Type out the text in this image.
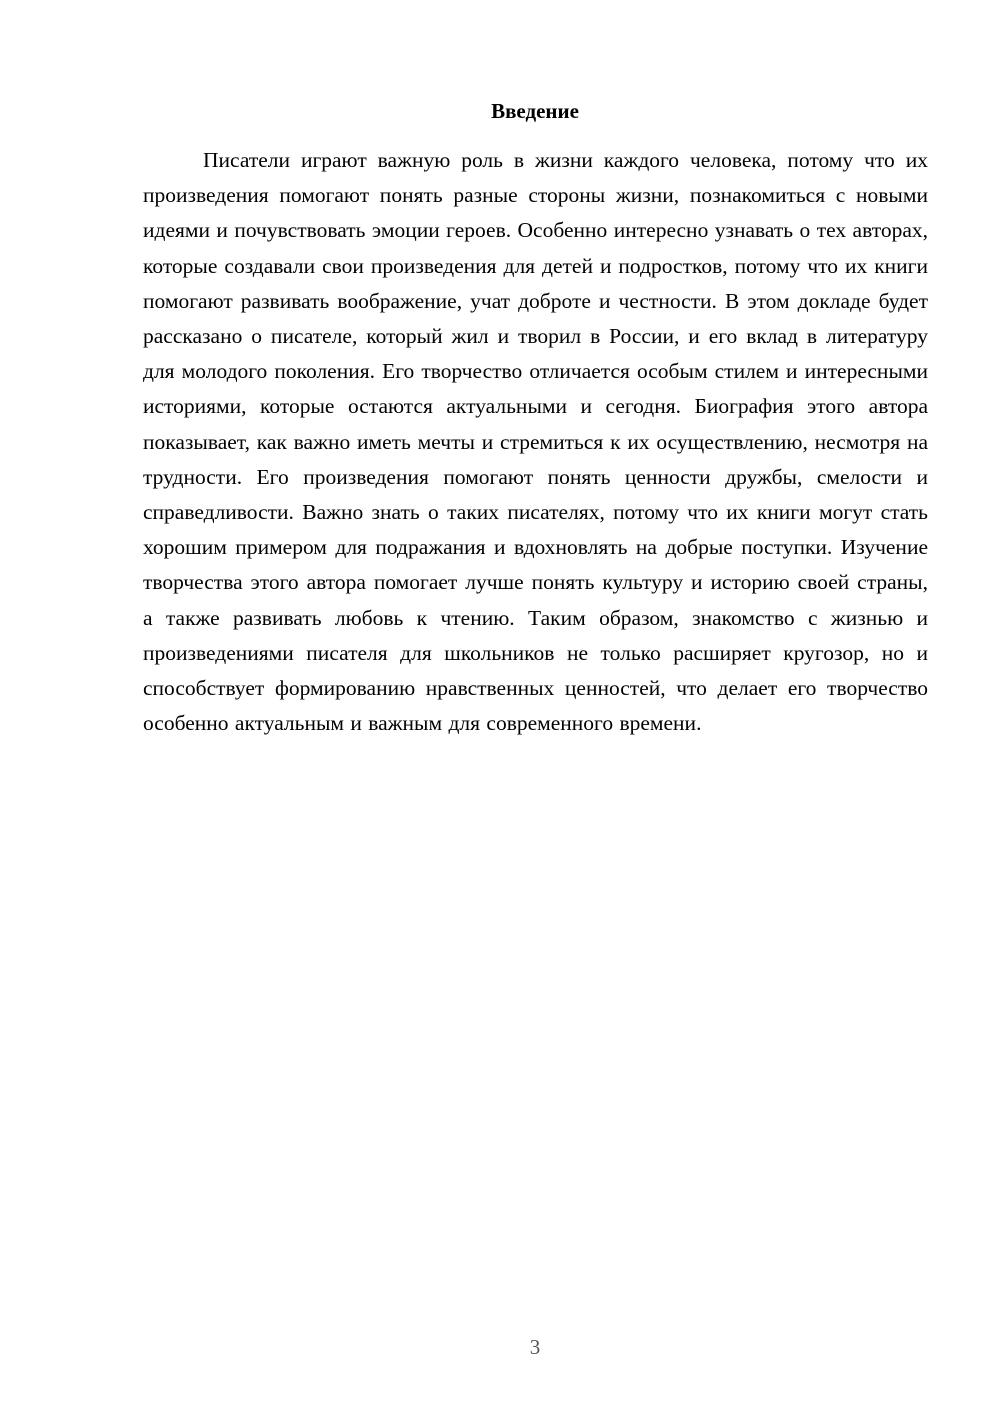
Введение

Писатели играют важную роль в жизни каждого человека, потому что их произведения помогают понять разные стороны жизни, познакомиться с новыми идеями и почувствовать эмоции героев. Особенно интересно узнавать о тех авторах, которые создавали свои произведения для детей и подростков, потому что их книги помогают развивать воображение, учат доброте и честности. В этом докладе будет рассказано о писателе, который жил и творил в России, и его вклад в литературу для молодого поколения. Его творчество отличается особым стилем и интересными историями, которые остаются актуальными и сегодня. Биография этого автора показывает, как важно иметь мечты и стремиться к их осуществлению, несмотря на трудности. Его произведения помогают понять ценности дружбы, смелости и справедливости. Важно знать о таких писателях, потому что их книги могут стать хорошим примером для подражания и вдохновлять на добрые поступки. Изучение творчества этого автора помогает лучше понять культуру и историю своей страны, а также развивать любовь к чтению. Таким образом, знакомство с жизнью и произведениями писателя для школьников не только расширяет кругозор, но и способствует формированию нравственных ценностей, что делает его творчество особенно актуальным и важным для современного времени.

3
